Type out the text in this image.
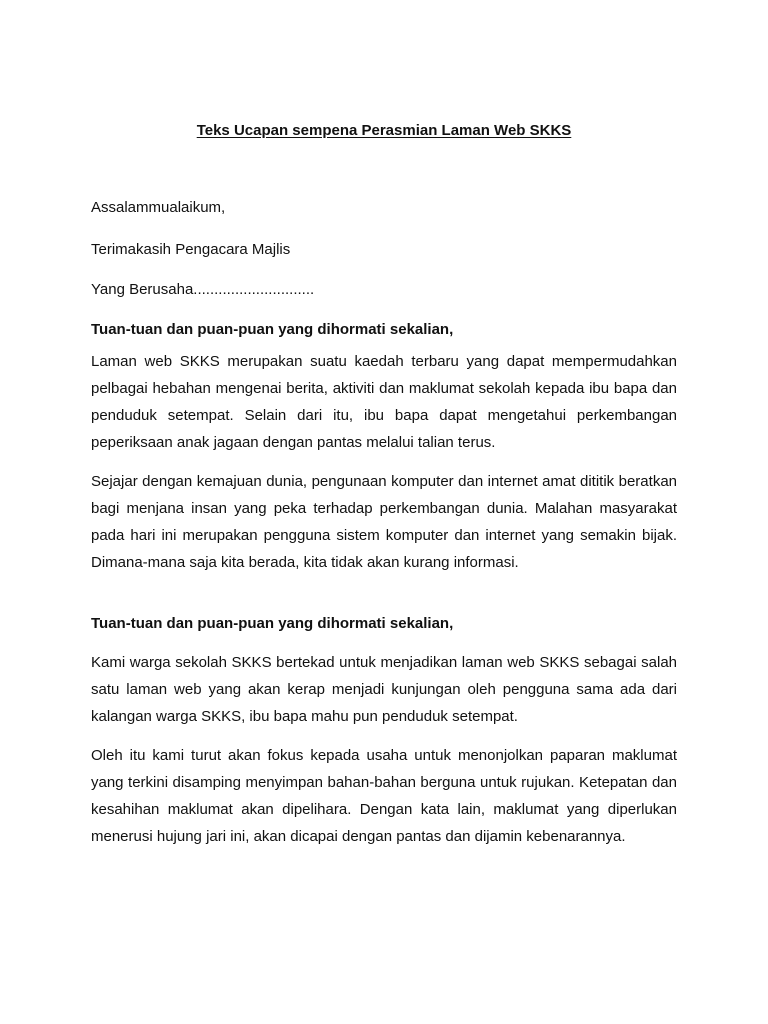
Teks Ucapan sempena Perasmian Laman Web SKKS

Assalammualaikum,

Terimakasih Pengacara Majlis

Yang Berusaha.............................

Tuan-tuan dan puan-puan yang dihormati sekalian,

Laman web SKKS merupakan suatu kaedah terbaru yang dapat mempermudahkan pelbagai hebahan mengenai berita, aktiviti dan maklumat sekolah kepada ibu bapa dan penduduk setempat. Selain dari itu, ibu bapa dapat mengetahui perkembangan peperiksaan anak jagaan dengan pantas melalui talian terus.

Sejajar dengan kemajuan dunia, pengunaan komputer dan internet amat dititik beratkan bagi menjana insan yang peka terhadap perkembangan dunia. Malahan masyarakat pada hari ini merupakan pengguna sistem komputer dan internet yang semakin bijak. Dimana-mana saja kita berada, kita tidak akan kurang informasi.

Tuan-tuan dan puan-puan yang dihormati sekalian,

Kami warga sekolah SKKS bertekad untuk menjadikan laman web SKKS sebagai salah satu laman web yang akan kerap menjadi kunjungan oleh pengguna sama ada dari kalangan warga SKKS, ibu bapa mahu pun penduduk setempat.

Oleh itu kami turut akan fokus kepada usaha untuk menonjolkan paparan maklumat yang terkini disamping menyimpan bahan-bahan berguna untuk rujukan. Ketepatan dan kesahihan maklumat akan dipelihara. Dengan kata lain, maklumat yang diperlukan menerusi hujung jari ini, akan dicapai dengan pantas dan dijamin kebenarannya.
